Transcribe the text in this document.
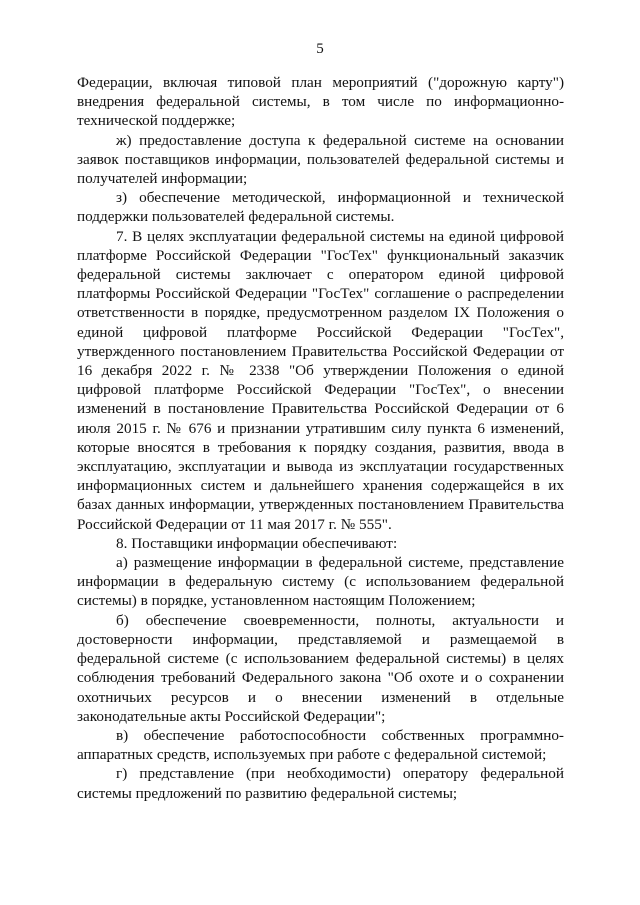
5

Федерации, включая типовой план мероприятий ("дорожную карту") внедрения федеральной системы, в том числе по информационно-технической поддержке;

ж) предоставление доступа к федеральной системе на основании заявок поставщиков информации, пользователей федеральной системы и получателей информации;

з) обеспечение методической, информационной и технической поддержки пользователей федеральной системы.

7. В целях эксплуатации федеральной системы на единой цифровой платформе Российской Федерации "ГосТех" функциональный заказчик федеральной системы заключает с оператором единой цифровой платформы Российской Федерации "ГосТех" соглашение о распределении ответственности в порядке, предусмотренном разделом IX Положения о единой цифровой платформе Российской Федерации "ГосТех", утвержденного постановлением Правительства Российской Федерации от 16 декабря 2022 г. № 2338 "Об утверждении Положения о единой цифровой платформе Российской Федерации "ГосТех", о внесении изменений в постановление Правительства Российской Федерации от 6 июля 2015 г. № 676 и признании утратившим силу пункта 6 изменений, которые вносятся в требования к порядку создания, развития, ввода в эксплуатацию, эксплуатации и вывода из эксплуатации государственных информационных систем и дальнейшего хранения содержащейся в их базах данных информации, утвержденных постановлением Правительства Российской Федерации от 11 мая 2017 г. № 555".

8. Поставщики информации обеспечивают:

а) размещение информации в федеральной системе, представление информации в федеральную систему (с использованием федеральной системы) в порядке, установленном настоящим Положением;

б) обеспечение своевременности, полноты, актуальности и достоверности информации, представляемой и размещаемой в федеральной системе (с использованием федеральной системы) в целях соблюдения требований Федерального закона "Об охоте и о сохранении охотничьих ресурсов и о внесении изменений в отдельные законодательные акты Российской Федерации";

в) обеспечение работоспособности собственных программно-аппаратных средств, используемых при работе с федеральной системой;

г) представление (при необходимости) оператору федеральной системы предложений по развитию федеральной системы;
